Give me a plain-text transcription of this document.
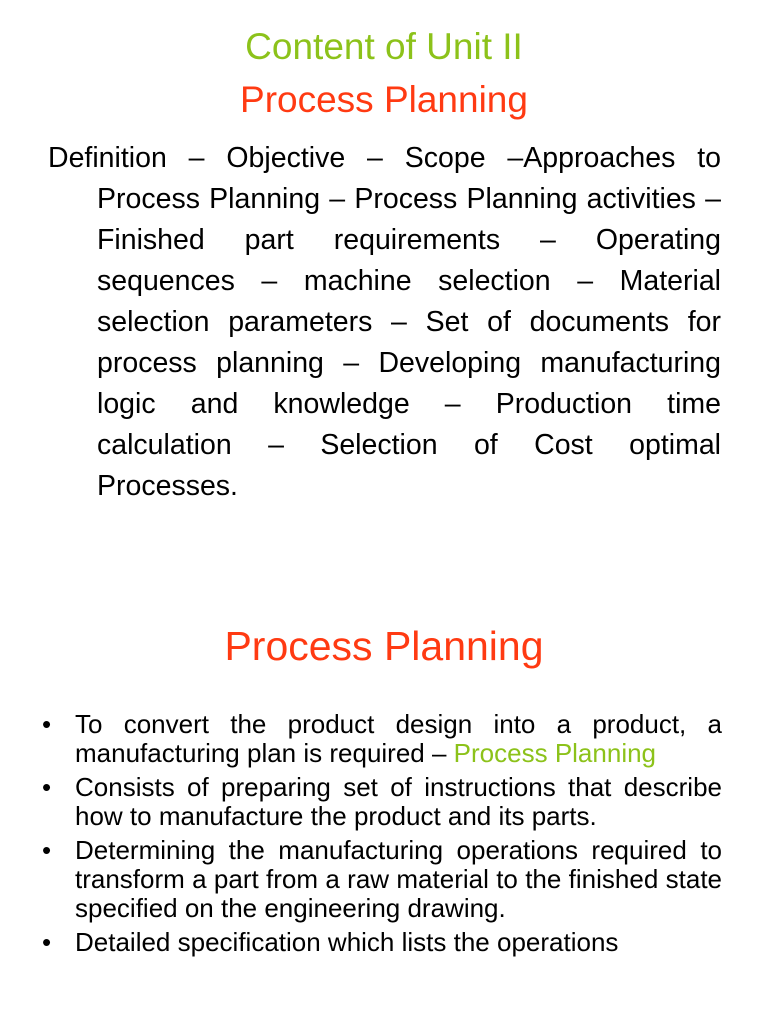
Content of Unit II
Process Planning

Definition – Objective – Scope –Approaches to Process Planning – Process Planning activities – Finished part requirements – Operating sequences – machine selection – Material selection parameters – Set of documents for process planning – Developing manufacturing logic and knowledge – Production time calculation – Selection of Cost optimal Processes.

Process Planning
• To convert the product design into a product, a manufacturing plan is required – Process Planning
• Consists of preparing set of instructions that describe how to manufacture the product and its parts.
• Determining the manufacturing operations required to transform a part from a raw material to the finished state specified on the engineering drawing.
• Detailed specification which lists the operations
